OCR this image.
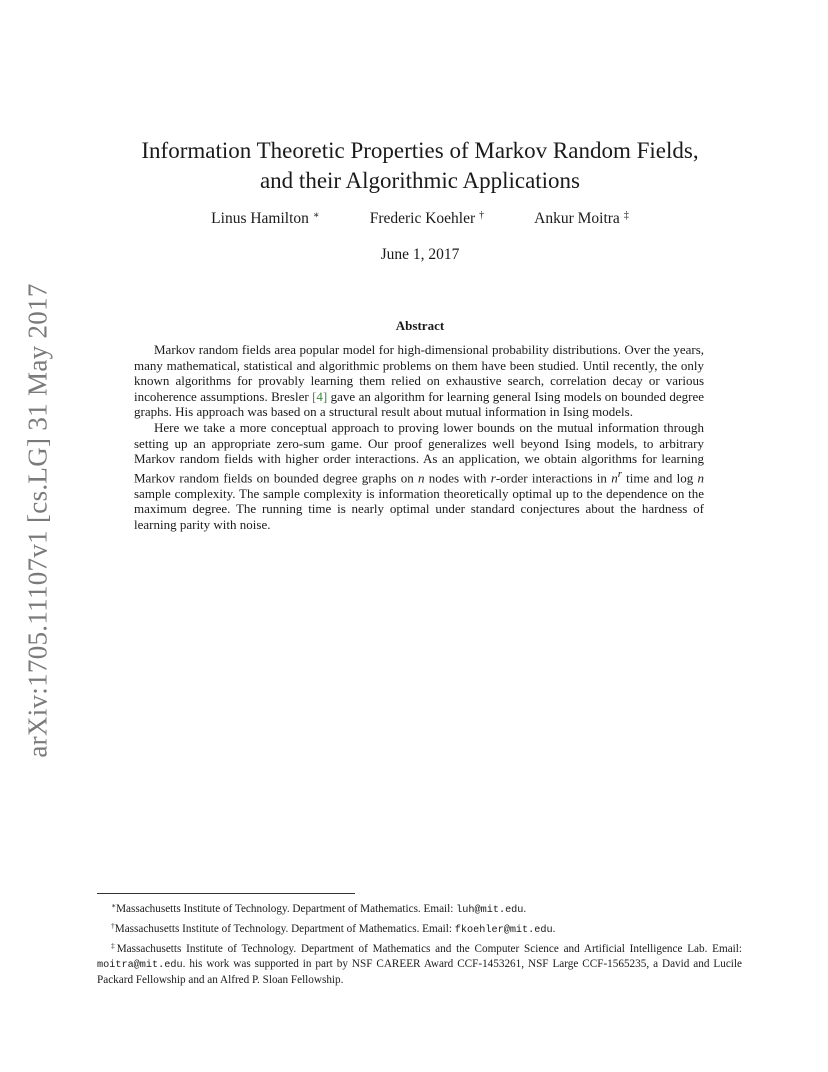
arXiv:1705.11107v1 [cs.LG] 31 May 2017
Information Theoretic Properties of Markov Random Fields,
and their Algorithmic Applications
Linus Hamilton ∗	Frederic Koehler †	Ankur Moitra ‡
June 1, 2017
Abstract

Markov random fields area popular model for high-dimensional probability distributions. Over the years, many mathematical, statistical and algorithmic problems on them have been studied. Until recently, the only known algorithms for provably learning them relied on exhaustive search, correlation decay or various incoherence assumptions. Bresler [4] gave an algorithm for learning general Ising models on bounded degree graphs. His approach was based on a structural result about mutual information in Ising models.

Here we take a more conceptual approach to proving lower bounds on the mutual information through setting up an appropriate zero-sum game. Our proof generalizes well beyond Ising models, to arbitrary Markov random fields with higher order interactions. As an application, we obtain algorithms for learning Markov random fields on bounded degree graphs on n nodes with r-order interactions in $n^r$ time and log n sample complexity. The sample complexity is information theoretically optimal up to the dependence on the maximum degree. The running time is nearly optimal under standard conjectures about the hardness of learning parity with noise.

∗Massachusetts Institute of Technology. Department of Mathematics. Email: luh@mit.edu.

†Massachusetts Institute of Technology. Department of Mathematics. Email: fkoehler@mit.edu.

‡Massachusetts Institute of Technology. Department of Mathematics and the Computer Science and Artificial Intelligence Lab. Email: moitra@mit.edu. his work was supported in part by NSF CAREER Award CCF-1453261, NSF Large CCF-1565235, a David and Lucile Packard Fellowship and an Alfred P. Sloan Fellowship.
